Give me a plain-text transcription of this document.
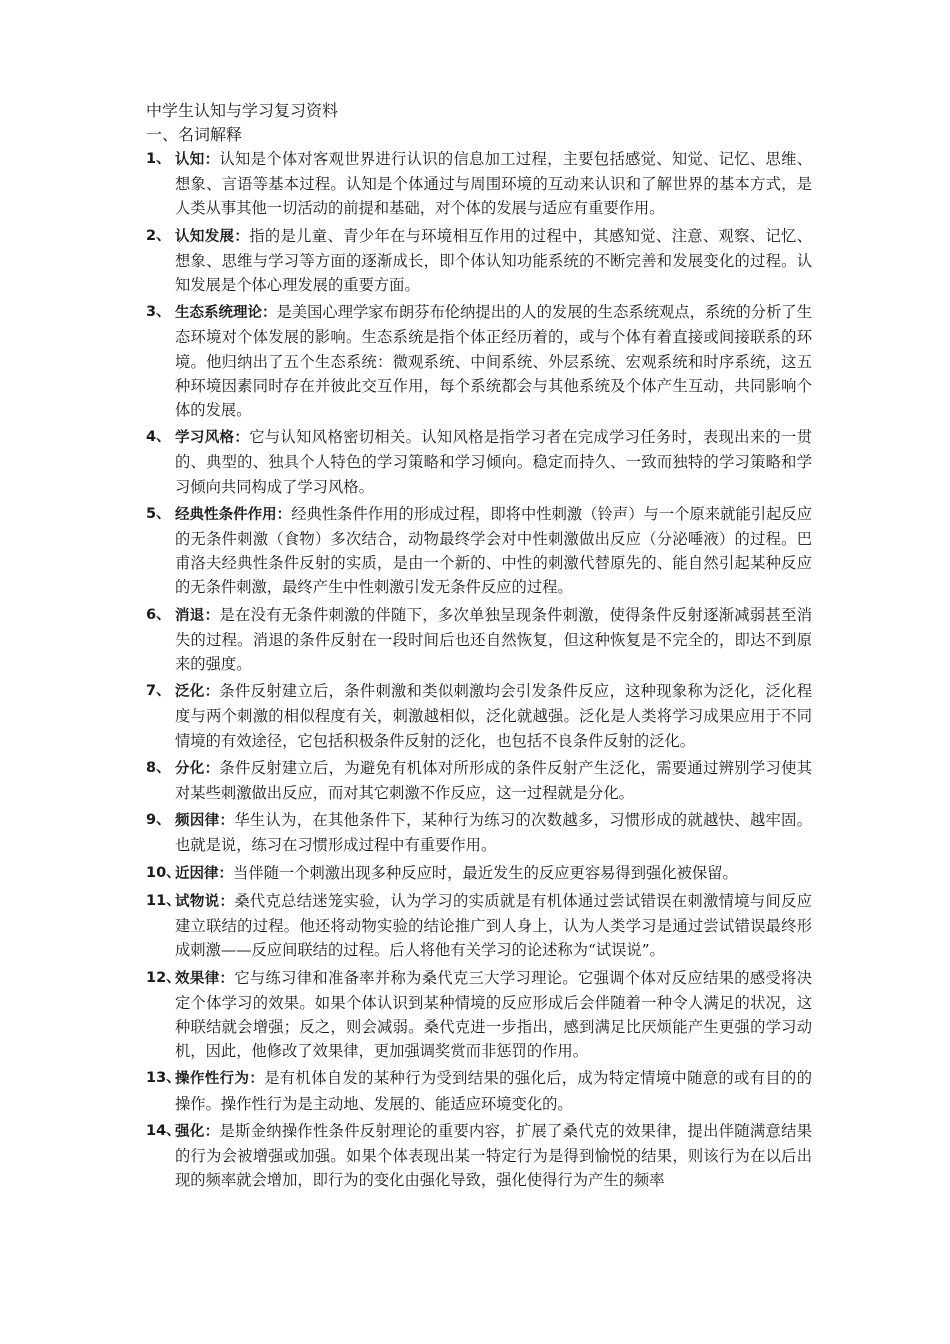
中学生认知与学习复习资料
一、名词解释
1、 认知：认知是个体对客观世界进行认识的信息加工过程，主要包括感觉、知觉、记忆、思维、想象、言语等基本过程。认知是个体通过与周围环境的互动来认识和了解世界的基本方式，是人类从事其他一切活动的前提和基础，对个体的发展与适应有重要作用。
2、 认知发展：指的是儿童、青少年在与环境相互作用的过程中，其感知觉、注意、观察、记忆、想象、思维与学习等方面的逐渐成长，即个体认知功能系统的不断完善和发展变化的过程。认知发展是个体心理发展的重要方面。
3、 生态系统理论：是美国心理学家布朗芬布伦纳提出的人的发展的生态系统观点，系统的分析了生态环境对个体发展的影响。生态系统是指个体正经历着的，或与个体有着直接或间接联系的环境。他归纳出了五个生态系统：微观系统、中间系统、外层系统、宏观系统和时序系统，这五种环境因素同时存在并彼此交互作用，每个系统都会与其他系统及个体产生互动，共同影响个体的发展。
4、 学习风格：它与认知风格密切相关。认知风格是指学习者在完成学习任务时，表现出来的一贯的、典型的、独具个人特色的学习策略和学习倾向。稳定而持久、一致而独特的学习策略和学习倾向共同构成了学习风格。
5、 经典性条件作用：经典性条件作用的形成过程，即将中性刺激（铃声）与一个原来就能引起反应的无条件刺激（食物）多次结合，动物最终学会对中性刺激做出反应（分泌唾液）的过程。巴甫洛夫经典性条件反射的实质，是由一个新的、中性的刺激代替原先的、能自然引起某种反应的无条件刺激，最终产生中性刺激引发无条件反应的过程。
6、 消退：是在没有无条件刺激的伴随下，多次单独呈现条件刺激，使得条件反射逐渐减弱甚至消失的过程。消退的条件反射在一段时间后也还自然恢复，但这种恢复是不完全的，即达不到原来的强度。
7、 泛化：条件反射建立后，条件刺激和类似刺激均会引发条件反应，这种现象称为泛化，泛化程度与两个刺激的相似程度有关，刺激越相似，泛化就越强。泛化是人类将学习成果应用于不同情境的有效途径，它包括积极条件反射的泛化，也包括不良条件反射的泛化。
8、 分化：条件反射建立后，为避免有机体对所形成的条件反射产生泛化，需要通过辨别学习使其对某些刺激做出反应，而对其它刺激不作反应，这一过程就是分化。
9、 频因律：华生认为，在其他条件下，某种行为练习的次数越多，习惯形成的就越快、越牢固。也就是说，练习在习惯形成过程中有重要作用。
10、
近因律：当伴随一个刺激出现多种反应时，最近发生的反应更容易得到强化被保留。
11、
试物说：桑代克总结迷笼实验，认为学习的实质就是有机体通过尝试错误在刺激情境与间反应建立联结的过程。他还将动物实验的结论推广到人身上，认为人类学习是通过尝试错误最终形成刺激——反应间联结的过程。后人将他有关学习的论述称为“试误说”。
12、
效果律：它与练习律和准备率并称为桑代克三大学习理论。它强调个体对反应结果的感受将决定个体学习的效果。如果个体认识到某种情境的反应形成后会伴随着一种令人满足的状况，这种联结就会增强；反之，则会减弱。桑代克进一步指出，感到满足比厌烦能产生更强的学习动机，因此，他修改了效果律，更加强调奖赏而非惩罚的作用。
13、
操作性行为：是有机体自发的某种行为受到结果的强化后，成为特定情境中随意的或有目的的操作。操作性行为是主动地、发展的、能适应环境变化的。
14、
强化：是斯金纳操作性条件反射理论的重要内容，扩展了桑代克的效果律，提出伴随满意结果的行为会被增强或加强。如果个体表现出某一特定行为是得到愉悦的结果，则该行为在以后出现的频率就会增加，即行为的变化由强化导致，强化使得行为产生的频率
